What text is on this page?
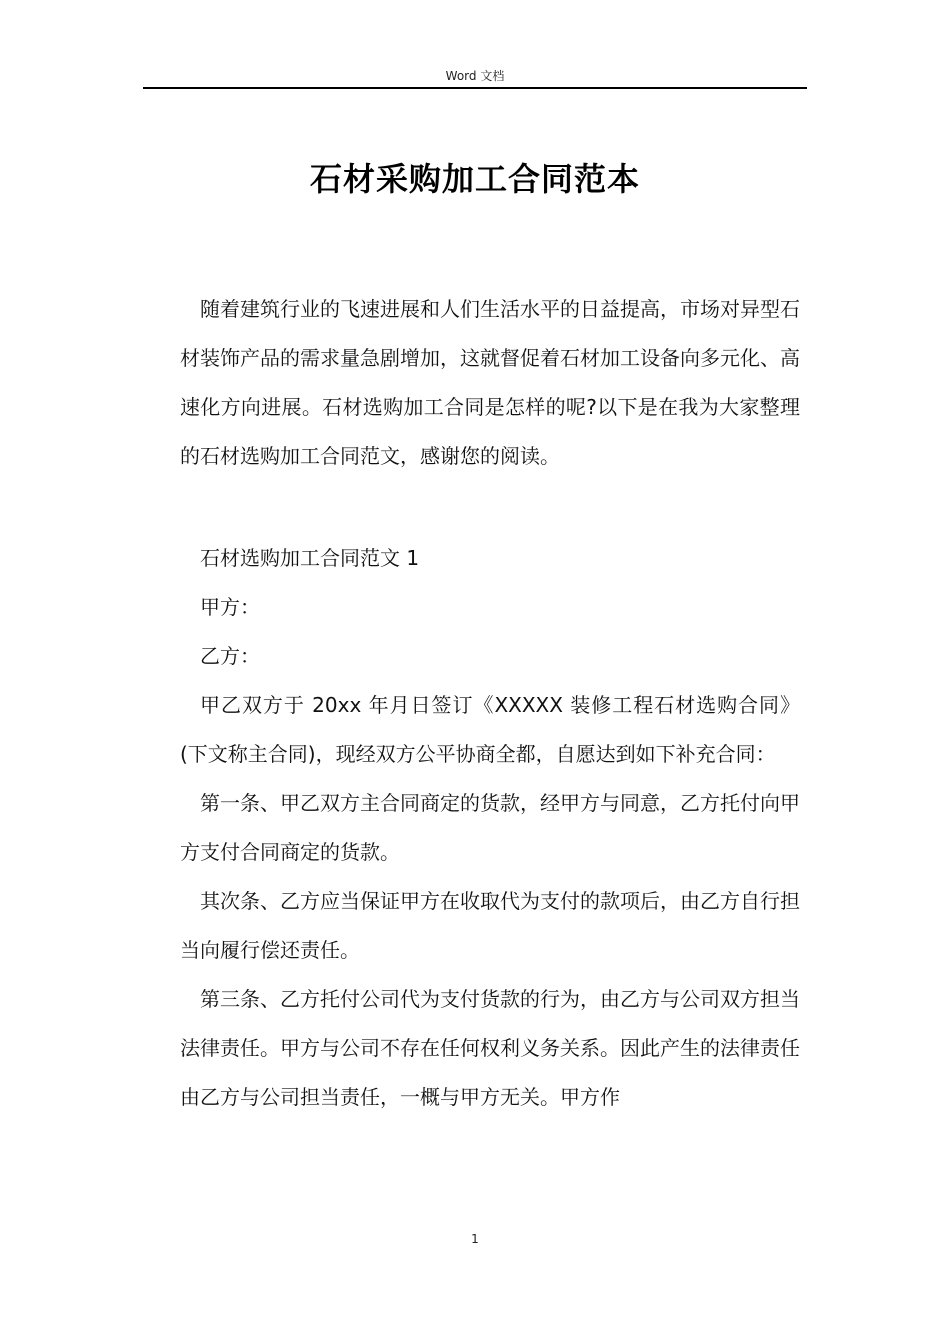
Word 文档
石材采购加工合同范本

随着建筑行业的飞速进展和人们生活水平的日益提高，市场对异型石材装饰产品的需求量急剧增加，这就督促着石材加工设备向多元化、高速化方向进展。石材选购加工合同是怎样的呢?以下是在我为大家整理的石材选购加工合同范文，感谢您的阅读。

石材选购加工合同范文 1

甲方：

乙方：

甲乙双方于 20xx 年月日签订《XXXXX 装修工程石材选购合同》(下文称主合同)，现经双方公平协商全都，自愿达到如下补充合同：

第一条、甲乙双方主合同商定的货款，经甲方与同意，乙方托付向甲方支付合同商定的货款。

其次条、乙方应当保证甲方在收取代为支付的款项后，由乙方自行担当向履行偿还责任。

第三条、乙方托付公司代为支付货款的行为，由乙方与公司双方担当法律责任。甲方与公司不存在任何权利义务关系。因此产生的法律责任由乙方与公司担当责任，一概与甲方无关。甲方作

1
